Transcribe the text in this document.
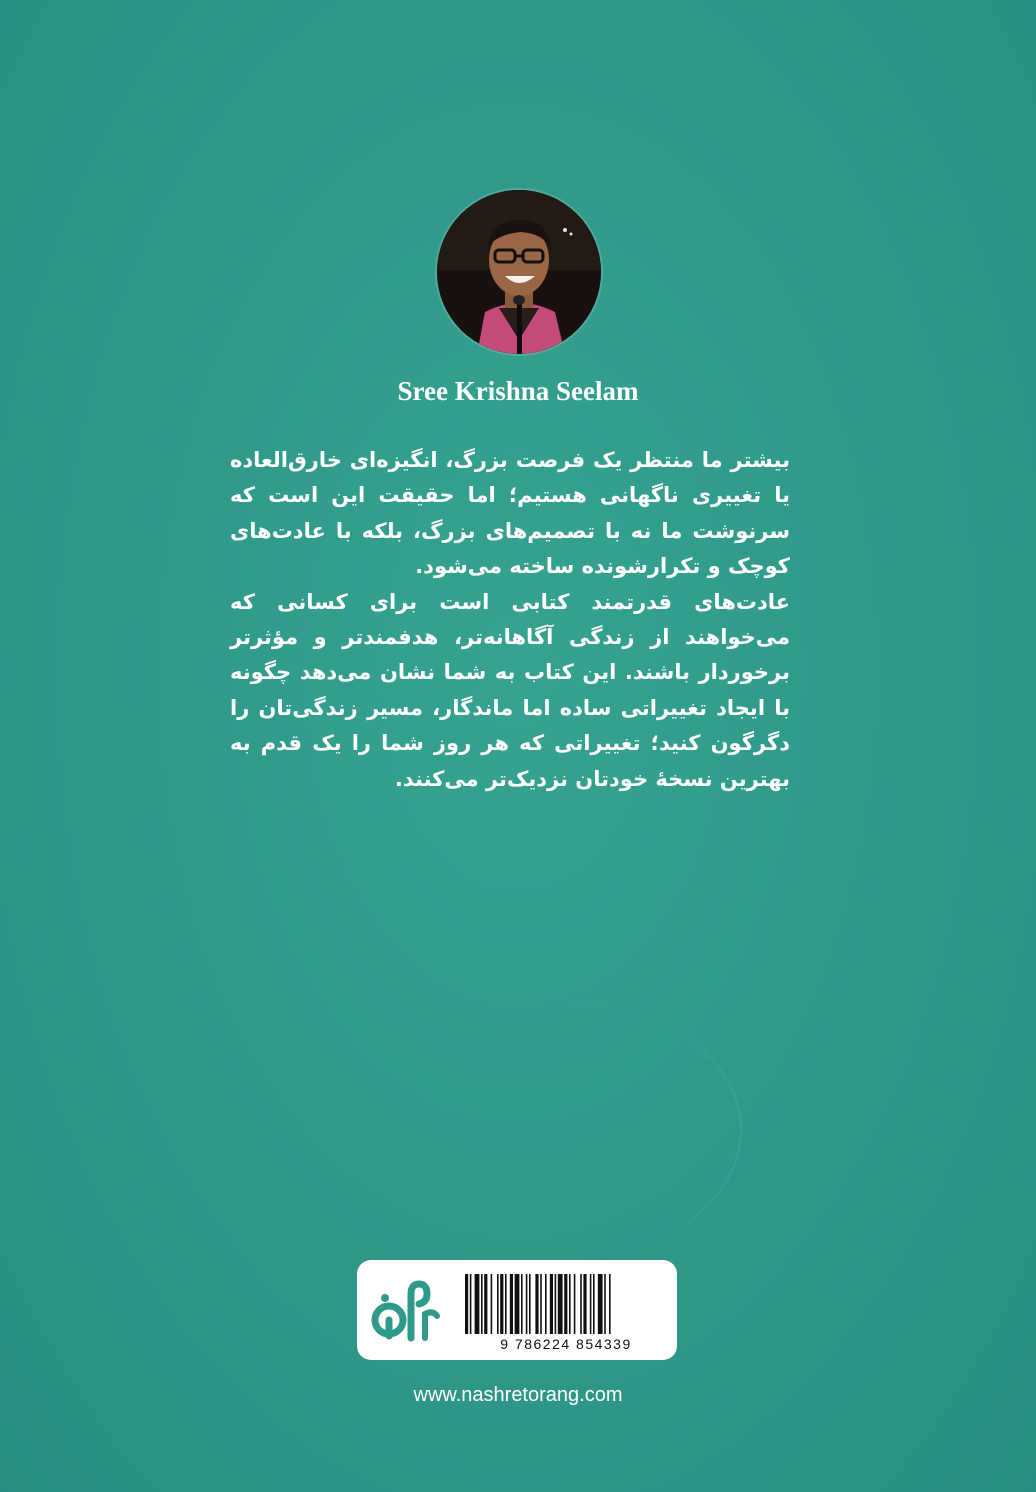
Sree Krishna Seelam

بیشتر ما منتظر یک فرصت بزرگ، انگیزه‌ای خارق‌العاده یا تغییری ناگهانی هستیم؛ اما حقیقت این است که سرنوشت ما نه با تصمیم‌های بزرگ، بلکه با عادت‌های کوچک و تکرارشونده ساخته می‌شود.

عادت‌های قدرتمند کتابی است برای کسانی که می‌خواهند از زندگی آگاهانه‌تر، هدفمندتر و مؤثرتر برخوردار باشند. این کتاب به شما نشان می‌دهد چگونه با ایجاد تغییراتی ساده اما ماندگار، مسیر زندگی‌تان را دگرگون کنید؛ تغییراتی که هر روز شما را یک قدم به بهترین نسخهٔ خودتان نزدیک‌تر می‌کنند.

9 786224 854339
www.nashretorang.com
